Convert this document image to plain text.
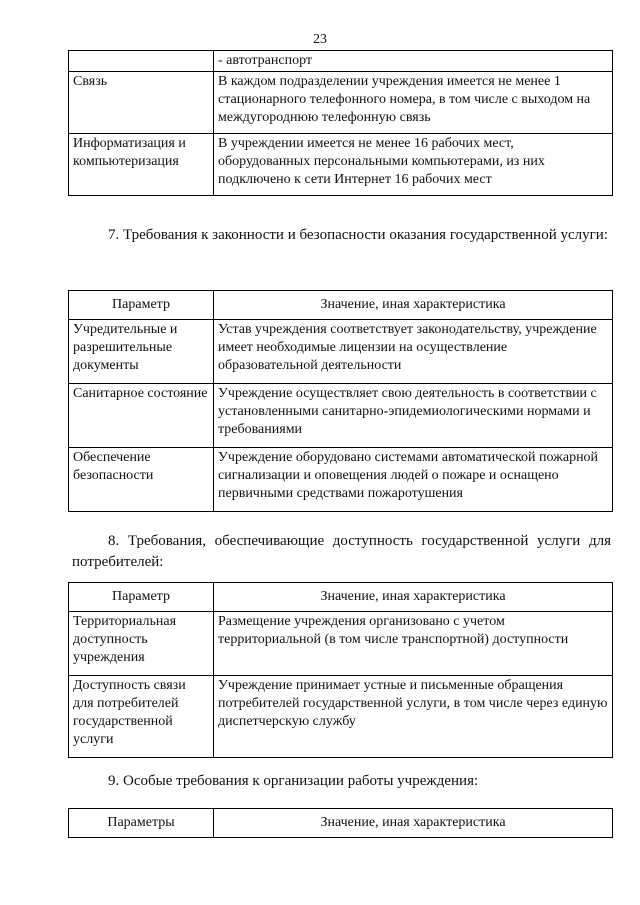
23
	- автотранспорт
Связь	В каждом подразделении учреждения имеется не менее 1 стационарного телефонного номера, в том числе с выходом на междугороднюю телефонную связь
Информатизация и компьютеризация	В учреждении имеется не менее 16 рабочих мест, оборудованных персональными компьютерами, из них подключено к сети Интернет 16 рабочих мест
7. Требования к законности и безопасности оказания государственной услуги:
Параметр	Значение, иная характеристика
Учредительные и разрешительные документы	Устав учреждения соответствует законодательству, учреждение имеет необходимые лицензии на осуществление образовательной деятельности
Санитарное состояние	Учреждение осуществляет свою деятельность в соответствии с установленными санитарно-эпидемиологическими нормами и требованиями
Обеспечение безопасности	Учреждение оборудовано системами автоматической пожарной сигнализации и оповещения людей о пожаре и оснащено первичными средствами пожаротушения
8. Требования, обеспечивающие доступность государственной услуги для потребителей:
Параметр	Значение, иная характеристика
Территориальная доступность учреждения	Размещение учреждения организовано с учетом территориальной (в том числе транспортной) доступности
Доступность связи для потребителей государственной услуги	Учреждение принимает устные и письменные обращения потребителей государственной услуги, в том числе через единую диспетчерскую службу
9. Особые требования к организации работы учреждения:
Параметры	Значение, иная характеристика
